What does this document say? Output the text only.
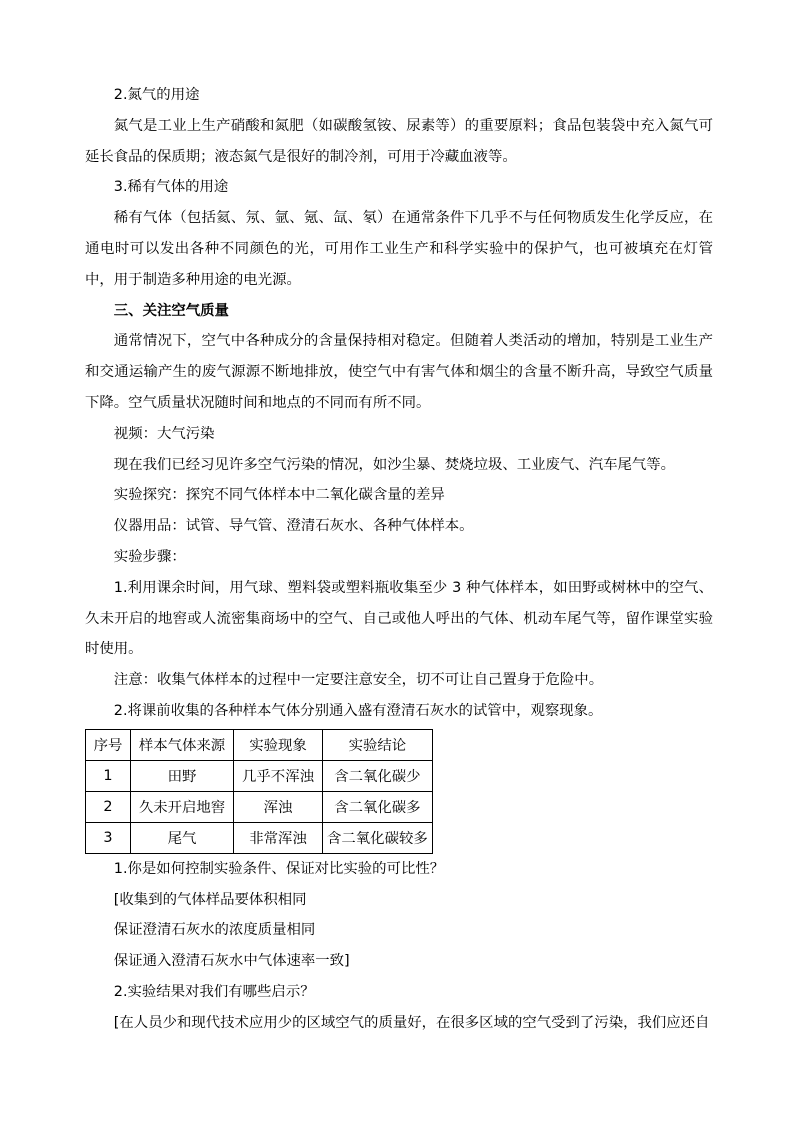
2.氮气的用途

氮气是工业上生产硝酸和氮肥（如碳酸氢铵、尿素等）的重要原料；食品包装袋中充入氮气可延长食品的保质期；液态氮气是很好的制冷剂，可用于冷藏血液等。

3.稀有气体的用途

稀有气体（包括氦、氖、氩、氪、氙、氡）在通常条件下几乎不与任何物质发生化学反应，在通电时可以发出各种不同颜色的光，可用作工业生产和科学实验中的保护气，也可被填充在灯管中，用于制造多种用途的电光源。

三、关注空气质量

通常情况下，空气中各种成分的含量保持相对稳定。但随着人类活动的增加，特别是工业生产和交通运输产生的废气源源不断地排放，使空气中有害气体和烟尘的含量不断升高，导致空气质量下降。空气质量状况随时间和地点的不同而有所不同。

视频：大气污染

现在我们已经习见许多空气污染的情况，如沙尘暴、焚烧垃圾、工业废气、汽车尾气等。

实验探究：探究不同气体样本中二氧化碳含量的差异

仪器用品：试管、导气管、澄清石灰水、各种气体样本。

实验步骤：

1.利用课余时间，用气球、塑料袋或塑料瓶收集至少 3 种气体样本，如田野或树林中的空气、久未开启的地窖或人流密集商场中的空气、自己或他人呼出的气体、机动车尾气等，留作课堂实验时使用。

注意：收集气体样本的过程中一定要注意安全，切不可让自己置身于危险中。

2.将课前收集的各种样本气体分别通入盛有澄清石灰水的试管中，观察现象。

序号	样本气体来源	实验现象	实验结论
1	田野	几乎不浑浊	含二氧化碳少
2	久未开启地窖	浑浊	含二氧化碳多
3	尾气	非常浑浊	含二氧化碳较多

1.你是如何控制实验条件、保证对比实验的可比性？

[收集到的气体样品要体积相同

保证澄清石灰水的浓度质量相同

保证通入澄清石灰水中气体速率一致]

2.实验结果对我们有哪些启示？

[在人员少和现代技术应用少的区域空气的质量好，在很多区域的空气受到了污染，我们应还自
